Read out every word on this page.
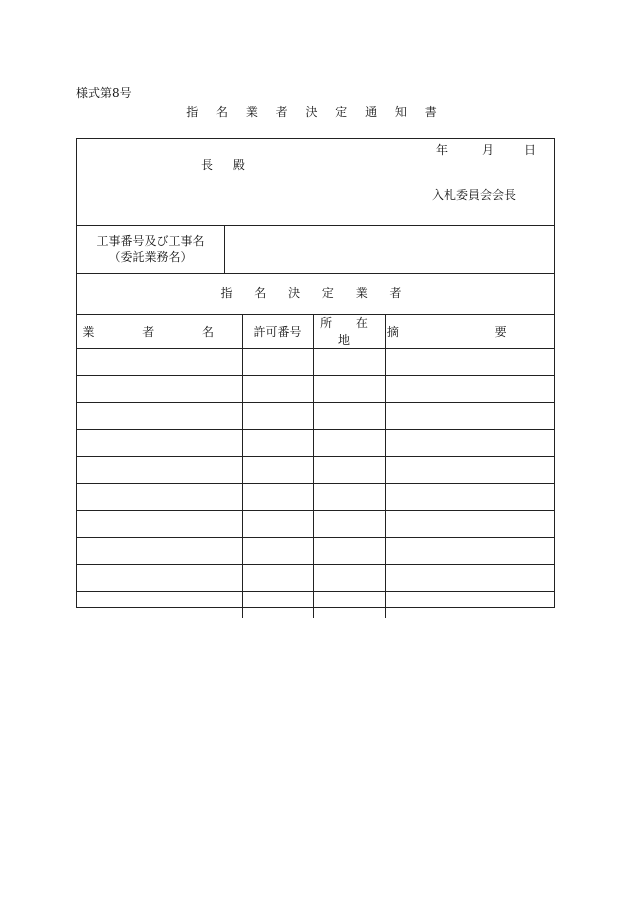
様式第8号
指 名 業 者 決 定 通 知 書
年	月	日
長 殿
入札委員会会長
工事番号及び工事名
（委託業務名）
指 名 決 定 業 者
業 者 名	許可番号	所 在 地	摘 要
